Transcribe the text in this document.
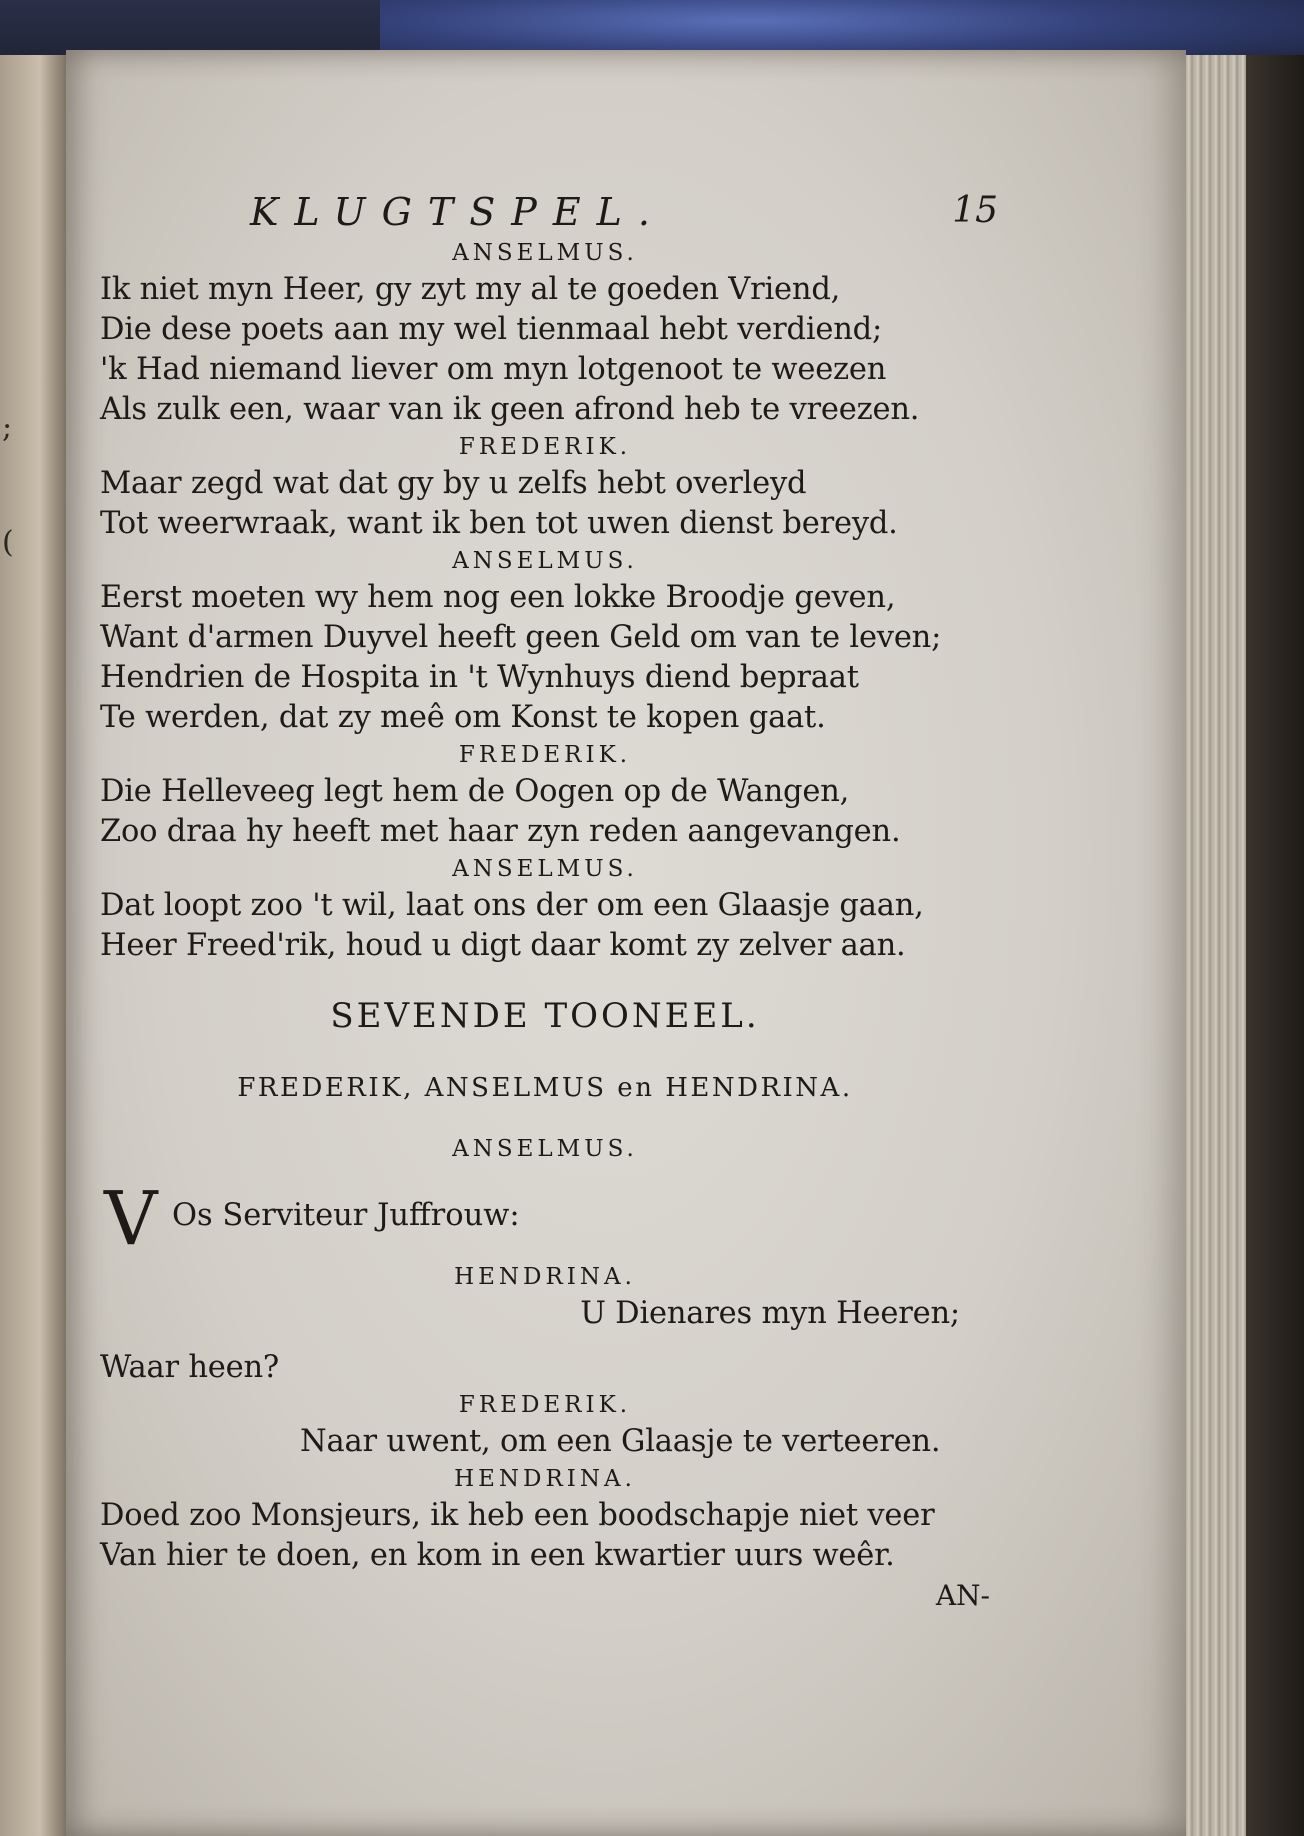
;
(
KLUGTSPEL.	15
ANSELMUS.
Ik niet myn Heer, gy zyt my al te goeden Vriend,
Die dese poets aan my wel tienmaal hebt verdiend;
'k Had niemand liever om myn lotgenoot te weezen
Als zulk een, waar van ik geen afrond heb te vreezen.
FREDERIK.
Maar zegd wat dat gy by u zelfs hebt overleyd
Tot weerwraak, want ik ben tot uwen dienst bereyd.
ANSELMUS.
Eerst moeten wy hem nog een lokke Broodje geven,
Want d'armen Duyvel heeft geen Geld om van te leven;
Hendrien de Hospita in 't Wynhuys diend bepraat
Te werden, dat zy meê om Konst te kopen gaat.
FREDERIK.
Die Helleveeg legt hem de Oogen op de Wangen,
Zoo draa hy heeft met haar zyn reden aangevangen.
ANSELMUS.
Dat loopt zoo 't wil, laat ons der om een Glaasje gaan,
Heer Freed'rik, houd u digt daar komt zy zelver aan.
SEVENDE TOONEEL.
FREDERIK, ANSELMUS en HENDRINA.
ANSELMUS.
V Os Serviteur Juffrouw:
HENDRINA.
U Dienares myn Heeren;
Waar heen?
FREDERIK.
Naar uwent, om een Glaasje te verteeren.
HENDRINA.
Doed zoo Monsjeurs, ik heb een boodschapje niet veer
Van hier te doen, en kom in een kwartier uurs weêr.
AN-
